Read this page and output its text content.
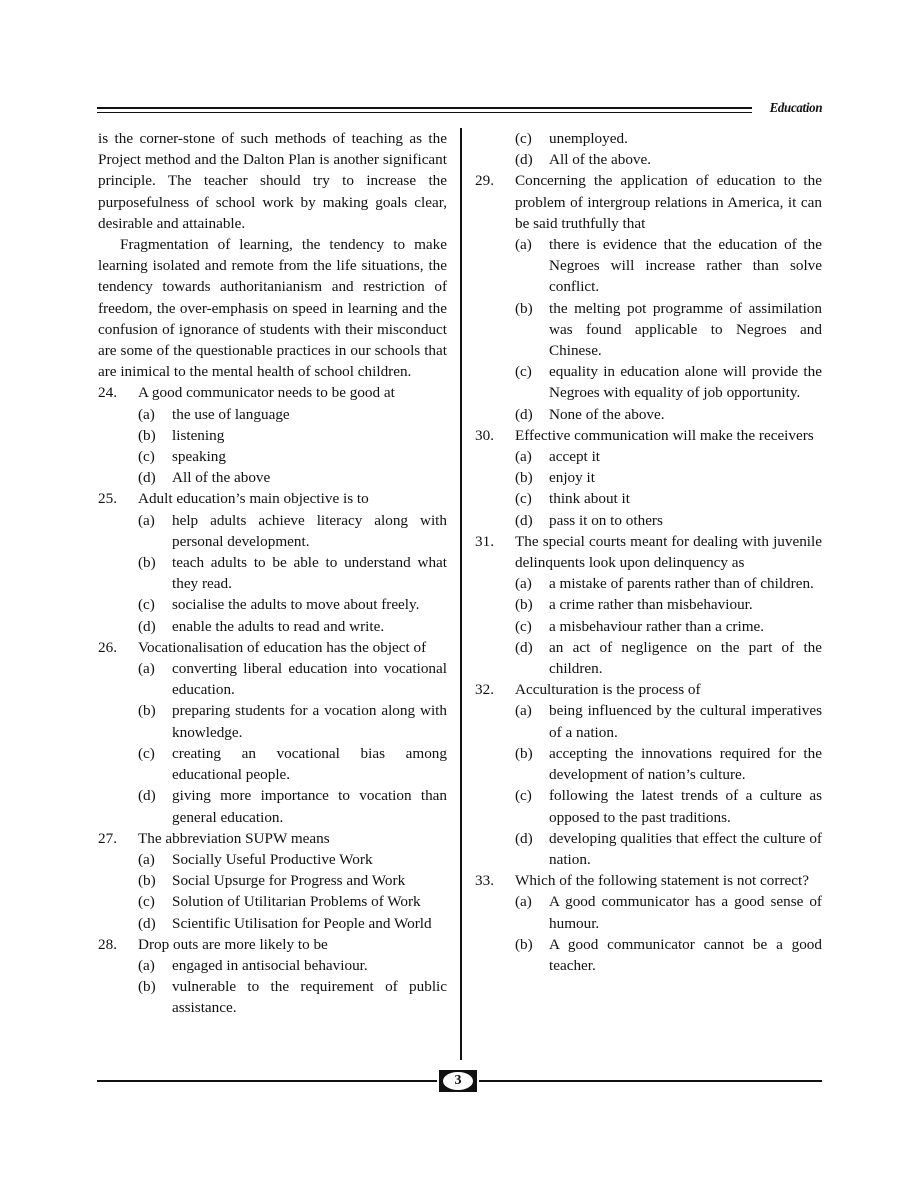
Education

is the corner-stone of such methods of teaching as the Project method and the Dalton Plan is another significant principle. The teacher should try to increase the purposefulness of school work by making goals clear, desirable and attainable.

Fragmentation of learning, the tendency to make learning isolated and remote from the life situations, the tendency towards authoritanianism and restriction of freedom, the over-emphasis on speed in learning and the confusion of ignorance of students with their misconduct are some of the questionable practices in our schools that are inimical to the mental health of school children.

24. A good communicator needs to be good at
(a) the use of language
(b) listening
(c) speaking
(d) All of the above
25. Adult education’s main objective is to
(a) help adults achieve literacy along with personal development.
(b) teach adults to be able to understand what they read.
(c) socialise the adults to move about freely.
(d) enable the adults to read and write.
26. Vocationalisation of education has the object of
(a) converting liberal education into vocational education.
(b) preparing students for a vocation along with knowledge.
(c) creating an vocational bias among educational people.
(d) giving more importance to vocation than general education.
27. The abbreviation SUPW means
(a) Socially Useful Productive Work
(b) Social Upsurge for Progress and Work
(c) Solution of Utilitarian Problems of Work
(d) Scientific Utilisation for People and World
28. Drop outs are more likely to be
(a) engaged in antisocial behaviour.
(b) vulnerable to the requirement of public assistance.
(c) unemployed.
(d) All of the above.
29. Concerning the application of education to the problem of intergroup relations in America, it can be said truthfully that
(a) there is evidence that the education of the Negroes will increase rather than solve conflict.
(b) the melting pot programme of assimilation was found applicable to Negroes and Chinese.
(c) equality in education alone will provide the Negroes with equality of job opportunity.
(d) None of the above.
30. Effective communication will make the receivers
(a) accept it
(b) enjoy it
(c) think about it
(d) pass it on to others
31. The special courts meant for dealing with juvenile delinquents look upon delinquency as
(a) a mistake of parents rather than of children.
(b) a crime rather than misbehaviour.
(c) a misbehaviour rather than a crime.
(d) an act of negligence on the part of the children.
32. Acculturation is the process of
(a) being influenced by the cultural imperatives of a nation.
(b) accepting the innovations required for the development of nation’s culture.
(c) following the latest trends of a culture as opposed to the past traditions.
(d) developing qualities that effect the culture of nation.
33. Which of the following statement is not correct?
(a) A good communicator has a good sense of humour.
(b) A good communicator cannot be a good teacher.
3
